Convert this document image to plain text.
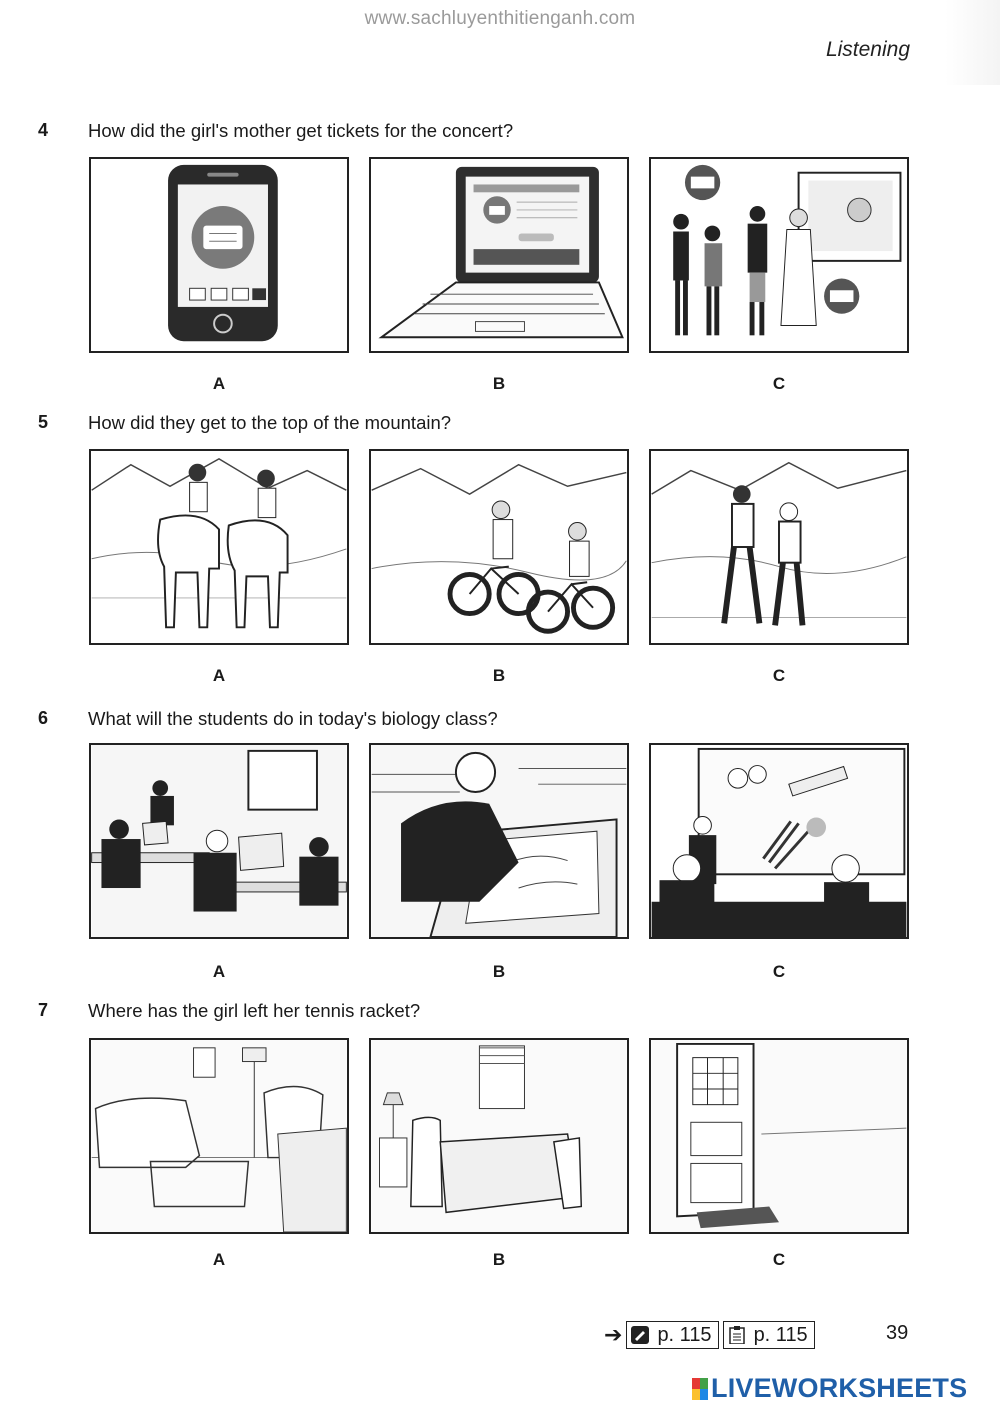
www.sachluyenthitienganh.com
Listening
4 How did the girl's mother get tickets for the concert?
A	B	C
5 How did they get to the top of the mountain?
A	B	C
6 What will the students do in today's biology class?
A	B	C
7 Where has the girl left her tennis racket?
A	B	C
➔ p. 115 p. 115	39
LIVEWORKSHEETS
